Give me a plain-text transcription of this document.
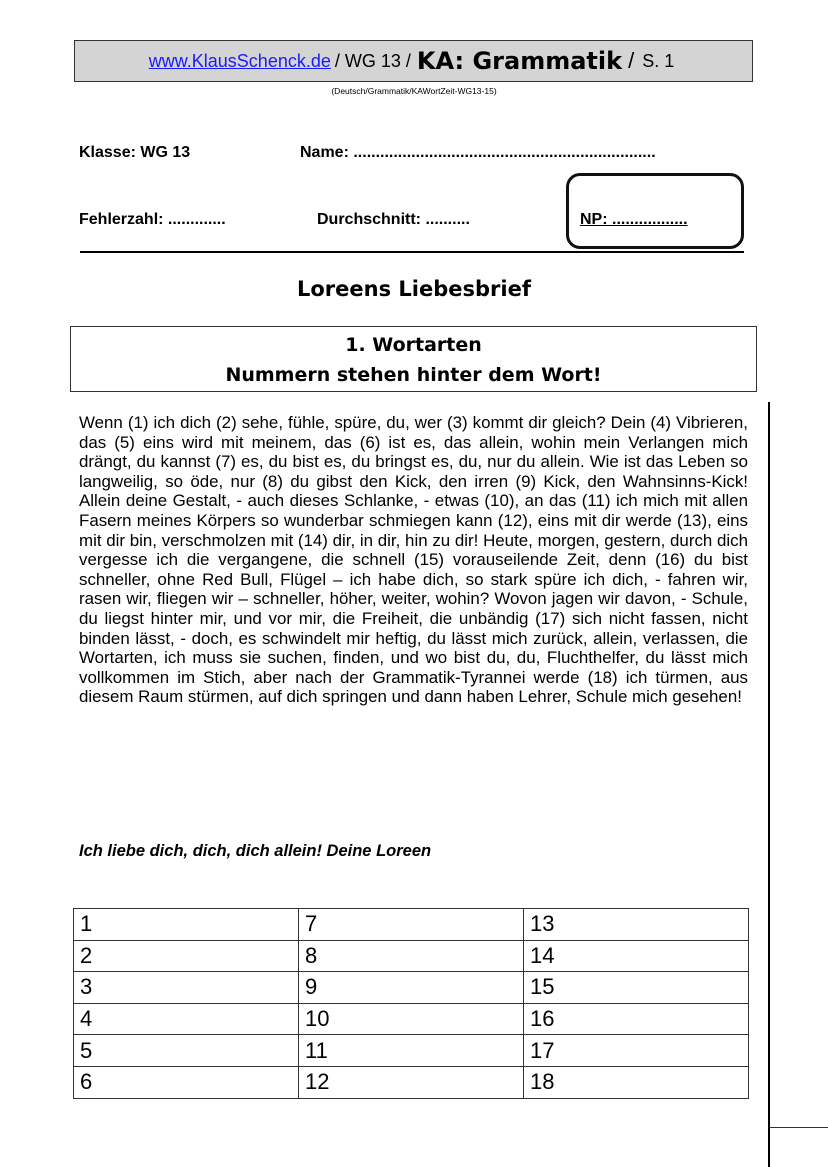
www.KlausSchenck.de / WG 13 / KA: Grammatik / S. 1
(Deutsch/Grammatik/KAWortZeit-WG13-15)
Klasse: WG 13	Name: ....................................................................
Fehlerzahl: .............	Durchschnitt: ..........	NP: .................
Loreens Liebesbrief
1. Wortarten
Nummern stehen hinter dem Wort!
Wenn (1) ich dich (2) sehe, fühle, spüre, du, wer (3) kommt dir gleich? Dein (4) Vibrieren, das (5) eins wird mit meinem, das (6) ist es, das allein, wohin mein Verlangen mich drängt, du kannst (7) es, du bist es, du bringst es, du, nur du allein. Wie ist das Leben so langweilig, so öde, nur (8) du gibst den Kick, den irren (9) Kick, den Wahnsinns-Kick! Allein deine Gestalt, - auch dieses Schlanke, - etwas (10), an das (11) ich mich mit allen Fasern meines Körpers so wunderbar schmiegen kann (12), eins mit dir werde (13), eins mit dir bin, verschmolzen mit (14) dir, in dir, hin zu dir! Heute, morgen, gestern, durch dich vergesse ich die vergangene, die schnell (15) vorauseilende Zeit, denn (16) du bist schneller, ohne Red Bull, Flügel – ich habe dich, so stark spüre ich dich, - fahren wir, rasen wir, fliegen wir – schneller, höher, weiter, wohin? Wovon jagen wir davon, - Schule, du liegst hinter mir, und vor mir, die Freiheit, die unbändig (17) sich nicht fassen, nicht binden lässt, - doch, es schwindelt mir heftig, du lässt mich zurück, allein, verlassen, die Wortarten, ich muss sie suchen, finden, und wo bist du, du, Fluchthelfer, du lässt mich vollkommen im Stich, aber nach der Grammatik-Tyrannei werde (18) ich türmen, aus diesem Raum stürmen, auf dich springen und dann haben Lehrer, Schule mich gesehen!
Ich liebe dich, dich, dich allein! Deine Loreen
1	7	13
2	8	14
3	9	15
4	10	16
5	11	17
6	12	18
